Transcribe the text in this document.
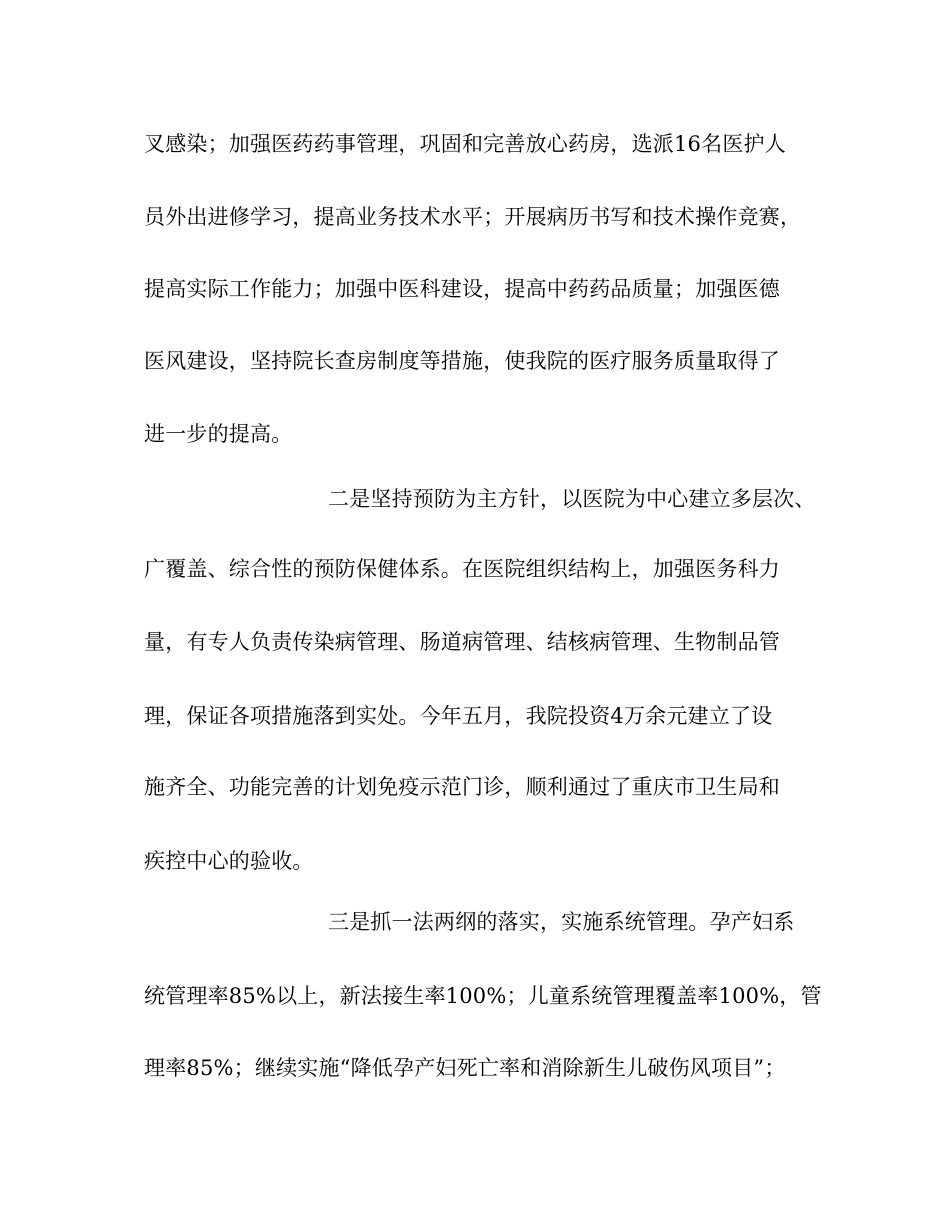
叉感染；加强医药药事管理，巩固和完善放心药房，选派16名医护人
员外出进修学习，提高业务技术水平；开展病历书写和技术操作竞赛，
提高实际工作能力；加强中医科建设，提高中药药品质量；加强医德
医风建设，坚持院长查房制度等措施，使我院的医疗服务质量取得了
进一步的提高。
二是坚持预防为主方针，以医院为中心建立多层次、
广覆盖、综合性的预防保健体系。在医院组织结构上，加强医务科力
量，有专人负责传染病管理、肠道病管理、结核病管理、生物制品管
理，保证各项措施落到实处。今年五月，我院投资4万余元建立了设
施齐全、功能完善的计划免疫示范门诊，顺利通过了重庆市卫生局和
疾控中心的验收。
三是抓一法两纲的落实，实施系统管理。孕产妇系
统管理率85%以上，新法接生率100%；儿童系统管理覆盖率100%，管
理率85%；继续实施“降低孕产妇死亡率和消除新生儿破伤风项目”；
